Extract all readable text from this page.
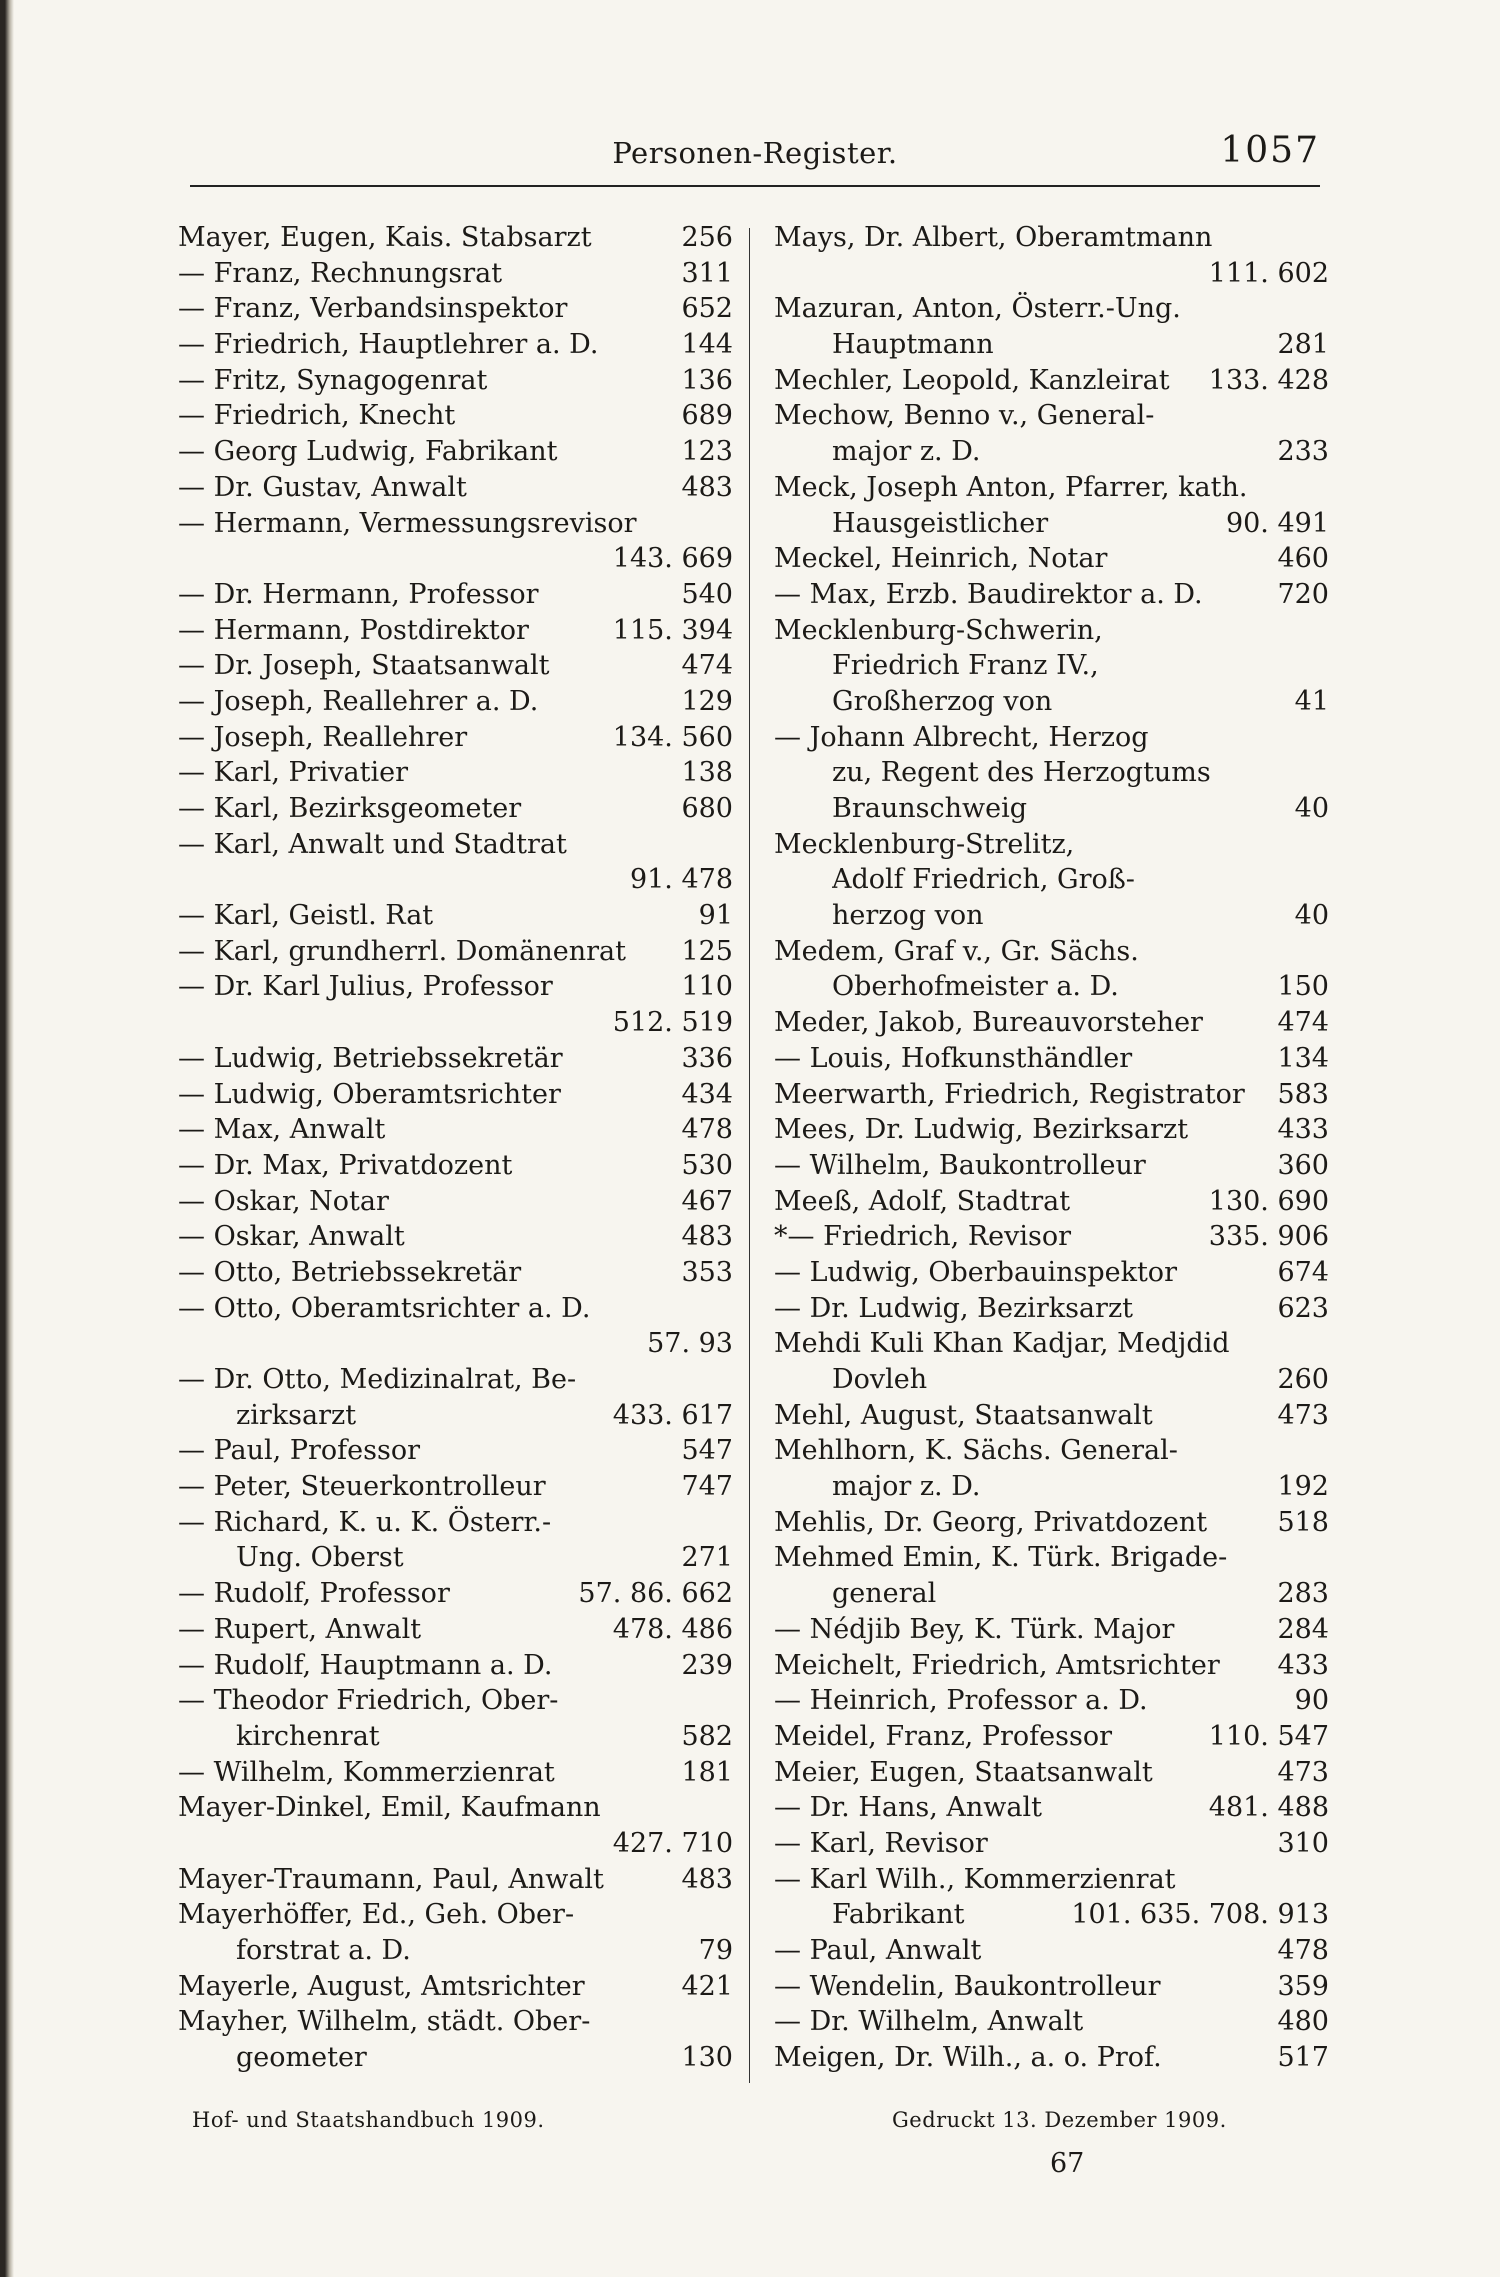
Personen-Register.	1057
Mayer, Eugen, Kais. Stabsarzt	256
— Franz, Rechnungsrat	311
— Franz, Verbandsinspektor	652
— Friedrich, Hauptlehrer a. D.	144
— Fritz, Synagogenrat	136
— Friedrich, Knecht	689
— Georg Ludwig, Fabrikant	123
— Dr. Gustav, Anwalt	483
— Hermann, Vermessungsrevisor
143. 669
— Dr. Hermann, Professor	540
— Hermann, Postdirektor	115. 394
— Dr. Joseph, Staatsanwalt	474
— Joseph, Reallehrer a. D.	129
— Joseph, Reallehrer	134. 560
— Karl, Privatier	138
— Karl, Bezirksgeometer	680
— Karl, Anwalt und Stadtrat
91. 478
— Karl, Geistl. Rat	91
— Karl, grundherrl. Domänenrat	125
— Dr. Karl Julius, Professor	110
512. 519
— Ludwig, Betriebssekretär	336
— Ludwig, Oberamtsrichter	434
— Max, Anwalt	478
— Dr. Max, Privatdozent	530
— Oskar, Notar	467
— Oskar, Anwalt	483
— Otto, Betriebssekretär	353
— Otto, Oberamtsrichter a. D.
57. 93
— Dr. Otto, Medizinalrat, Be-
zirksarzt	433. 617
— Paul, Professor	547
— Peter, Steuerkontrolleur	747
— Richard, K. u. K. Österr.-
Ung. Oberst	271
— Rudolf, Professor	57. 86. 662
— Rupert, Anwalt	478. 486
— Rudolf, Hauptmann a. D.	239
— Theodor Friedrich, Ober-
kirchenrat	582
— Wilhelm, Kommerzienrat	181
Mayer-Dinkel, Emil, Kaufmann
427. 710
Mayer-Traumann, Paul, Anwalt	483
Mayerhöffer, Ed., Geh. Ober-
forstrat a. D.	79
Mayerle, August, Amtsrichter	421
Mayher, Wilhelm, städt. Ober-
geometer	130
Mays, Dr. Albert, Oberamtmann
111. 602
Mazuran, Anton, Österr.-Ung.
Hauptmann	281
Mechler, Leopold, Kanzleirat	133. 428
Mechow, Benno v., General-
major z. D.	233
Meck, Joseph Anton, Pfarrer, kath.
Hausgeistlicher	90. 491
Meckel, Heinrich, Notar	460
— Max, Erzb. Baudirektor a. D.	720
Mecklenburg-Schwerin,
Friedrich Franz IV.,
Großherzog von	41
— Johann Albrecht, Herzog
zu, Regent des Herzogtums
Braunschweig	40
Mecklenburg-Strelitz,
Adolf Friedrich, Groß-
herzog von	40
Medem, Graf v., Gr. Sächs.
Oberhofmeister a. D.	150
Meder, Jakob, Bureauvorsteher	474
— Louis, Hofkunsthändler	134
Meerwarth, Friedrich, Registrator	583
Mees, Dr. Ludwig, Bezirksarzt	433
— Wilhelm, Baukontrolleur	360
Meeß, Adolf, Stadtrat	130. 690
*— Friedrich, Revisor	335. 906
— Ludwig, Oberbauinspektor	674
— Dr. Ludwig, Bezirksarzt	623
Mehdi Kuli Khan Kadjar, Medjdid
Dovleh	260
Mehl, August, Staatsanwalt	473
Mehlhorn, K. Sächs. General-
major z. D.	192
Mehlis, Dr. Georg, Privatdozent	518
Mehmed Emin, K. Türk. Brigade-
general	283
— Nédjib Bey, K. Türk. Major	284
Meichelt, Friedrich, Amtsrichter	433
— Heinrich, Professor a. D.	90
Meidel, Franz, Professor	110. 547
Meier, Eugen, Staatsanwalt	473
— Dr. Hans, Anwalt	481. 488
— Karl, Revisor	310
— Karl Wilh., Kommerzienrat
Fabrikant	101. 635. 708. 913
— Paul, Anwalt	478
— Wendelin, Baukontrolleur	359
— Dr. Wilhelm, Anwalt	480
Meigen, Dr. Wilh., a. o. Prof.	517
Hof- und Staatshandbuch 1909.	Gedruckt 13. Dezember 1909.
67
